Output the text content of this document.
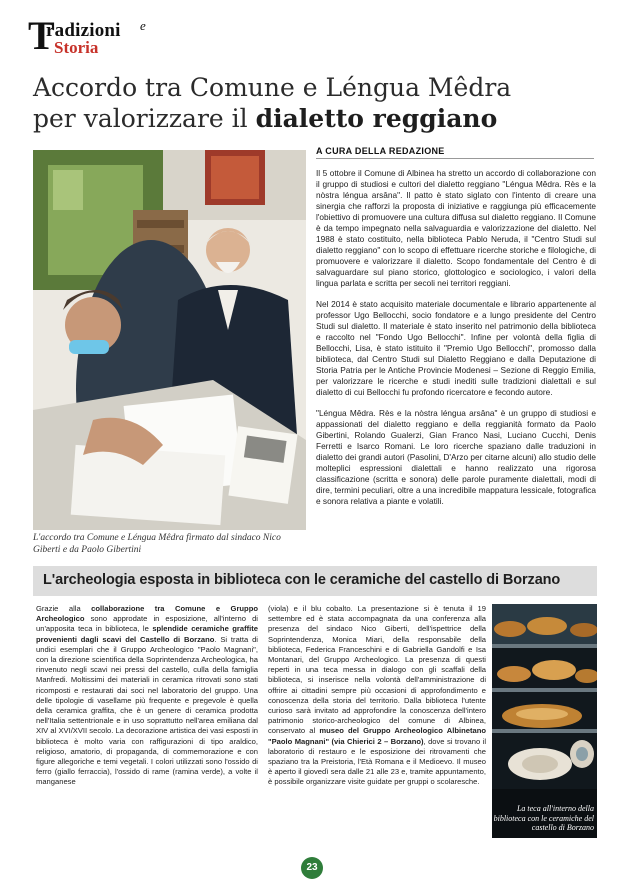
T
radizioni e
Storia
Accordo tra Comune e Léngua Mêdra
per valorizzare il dialetto reggiano
L'accordo tra Comune e Léngua Mêdra firmato dal sindaco Nico Giberti e da Paolo Gibertini
A CURA DELLA REDAZIONE

Il 5 ottobre il Comune di Albinea ha stretto un accordo di collaborazione con il gruppo di studiosi e cultori del dialetto reggiano "Léngua Mêdra. Rès e la nòstra léngua arsâna". Il patto è stato siglato con l'intento di creare una sinergia che rafforzi la proposta di iniziative e raggiunga più efficacemente l'obiettivo di promuovere una cultura diffusa sul dialetto reggiano. Il Comune è da tempo impegnato nella salvaguardia e valorizzazione del dialetto. Nel 1988 è stato costituito, nella biblioteca Pablo Neruda, il "Centro Studi sul dialetto reggiano" con lo scopo di effettuare ricerche storiche e filologiche, di promuovere e valorizzare il dialetto. Scopo fondamentale del Centro è di salvaguardare sul piano storico, glottologico e sociologico, i valori della lingua parlata e scritta per secoli nei territori reggiani.

Nel 2014 è stato acquisito materiale documentale e librario appartenente al professor Ugo Bellocchi, socio fondatore e a lungo presidente del Centro Studi sul dialetto. Il materiale è stato inserito nel patrimonio della biblioteca e raccolto nel "Fondo Ugo Bellocchi". Infine per volontà della figlia di Bellocchi, Lisa, è stato istituito il "Premio Ugo Bellocchi", promosso dalla biblioteca, dal Centro Studi sul Dialetto Reggiano e dalla Deputazione di Storia Patria per le Antiche Provincie Modenesi – Sezione di Reggio Emilia, per valorizzare le ricerche e studi inediti sulle tradizioni dialettali e sul dialetto di cui Bellocchi fu profondo ricercatore e fecondo autore.

"Léngua Mêdra. Rès e la nòstra léngua arsâna" è un gruppo di studiosi e appassionati del dialetto reggiano e della reggianità formato da Paolo Gibertini, Rolando Gualerzi, Gian Franco Nasi, Luciano Cucchi, Denis Ferretti e Isarco Romani. Le loro ricerche spaziano dalle traduzioni in dialetto dei grandi autori (Pasolini, D'Arzo per citarne alcuni) allo studio delle molteplici espressioni dialettali e hanno realizzato una rigorosa classificazione (scritta e sonora) delle parole puramente dialettali, modi di dire, termini peculiari, oltre a una incredibile mappatura lessicale, fotografica e sonora relativa a piante e volatili.

L'archeologia esposta in biblioteca con le ceramiche del castello di Borzano
Grazie alla collaborazione tra Comune e Gruppo Archeologico sono approdate in esposizione, all'interno di un'apposita teca in biblioteca, le splendide ceramiche graffite provenienti dagli scavi del Castello di Borzano. Si tratta di undici esemplari che il Gruppo Archeologico "Paolo Magnani", con la direzione scientifica della Soprintendenza Archeologica, ha rinvenuto negli scavi nei pressi del castello, culla della famiglia Manfredi. Moltissimi dei materiali in ceramica ritrovati sono stati ricomposti e restaurati dai soci nel laboratorio del gruppo. Una delle tipologie di vasellame più frequente e pregevole è quella della ceramica graffita, che è un genere di ceramica prodotta nell'Italia settentrionale e in uso soprattutto nell'area emiliana dal XIV al XVI/XVII secolo. La decorazione artistica dei vasi esposti in biblioteca è molto varia con raffigurazioni di tipo araldico, religioso, amatorio, di propaganda, di commemorazione e con figure allegoriche e temi vegetali. I colori utilizzati sono l'ossido di ferro (giallo ferraccia), l'ossido di rame (ramina verde), a volte il manganese
(viola) e il blu cobalto. La presentazione si è tenuta il 19 settembre ed è stata accompagnata da una conferenza alla presenza del sindaco Nico Giberti, dell'ispettrice della Soprintendenza, Monica Miari, della responsabile della biblioteca, Federica Franceschini e di Gabriella Gandolfi e Isa Montanari, del Gruppo Archeologico. La presenza di questi reperti in una teca messa in dialogo con gli scaffali della biblioteca, si inserisce nella volontà dell'amministrazione di offrire ai cittadini sempre più occasioni di approfondimento e conoscenza della storia del territorio. Dalla biblioteca l'utente curioso sarà invitato ad approfondire la conoscenza dell'intero patrimonio storico-archeologico del comune di Albinea, conservato al museo del Gruppo Archeologico Albinetano "Paolo Magnani" (via Chierici 2 – Borzano), dove si trovano il laboratorio di restauro e le esposizione dei ritrovamenti che spaziano tra la Preistoria, l'Età Romana e il Medioevo. Il museo è aperto il giovedì sera dalle 21 alle 23 e, tramite appuntamento, è possibile organizzare visite guidate per gruppi o scolaresche.
La teca all'interno della biblioteca con le ceramiche del castello di Borzano
23
